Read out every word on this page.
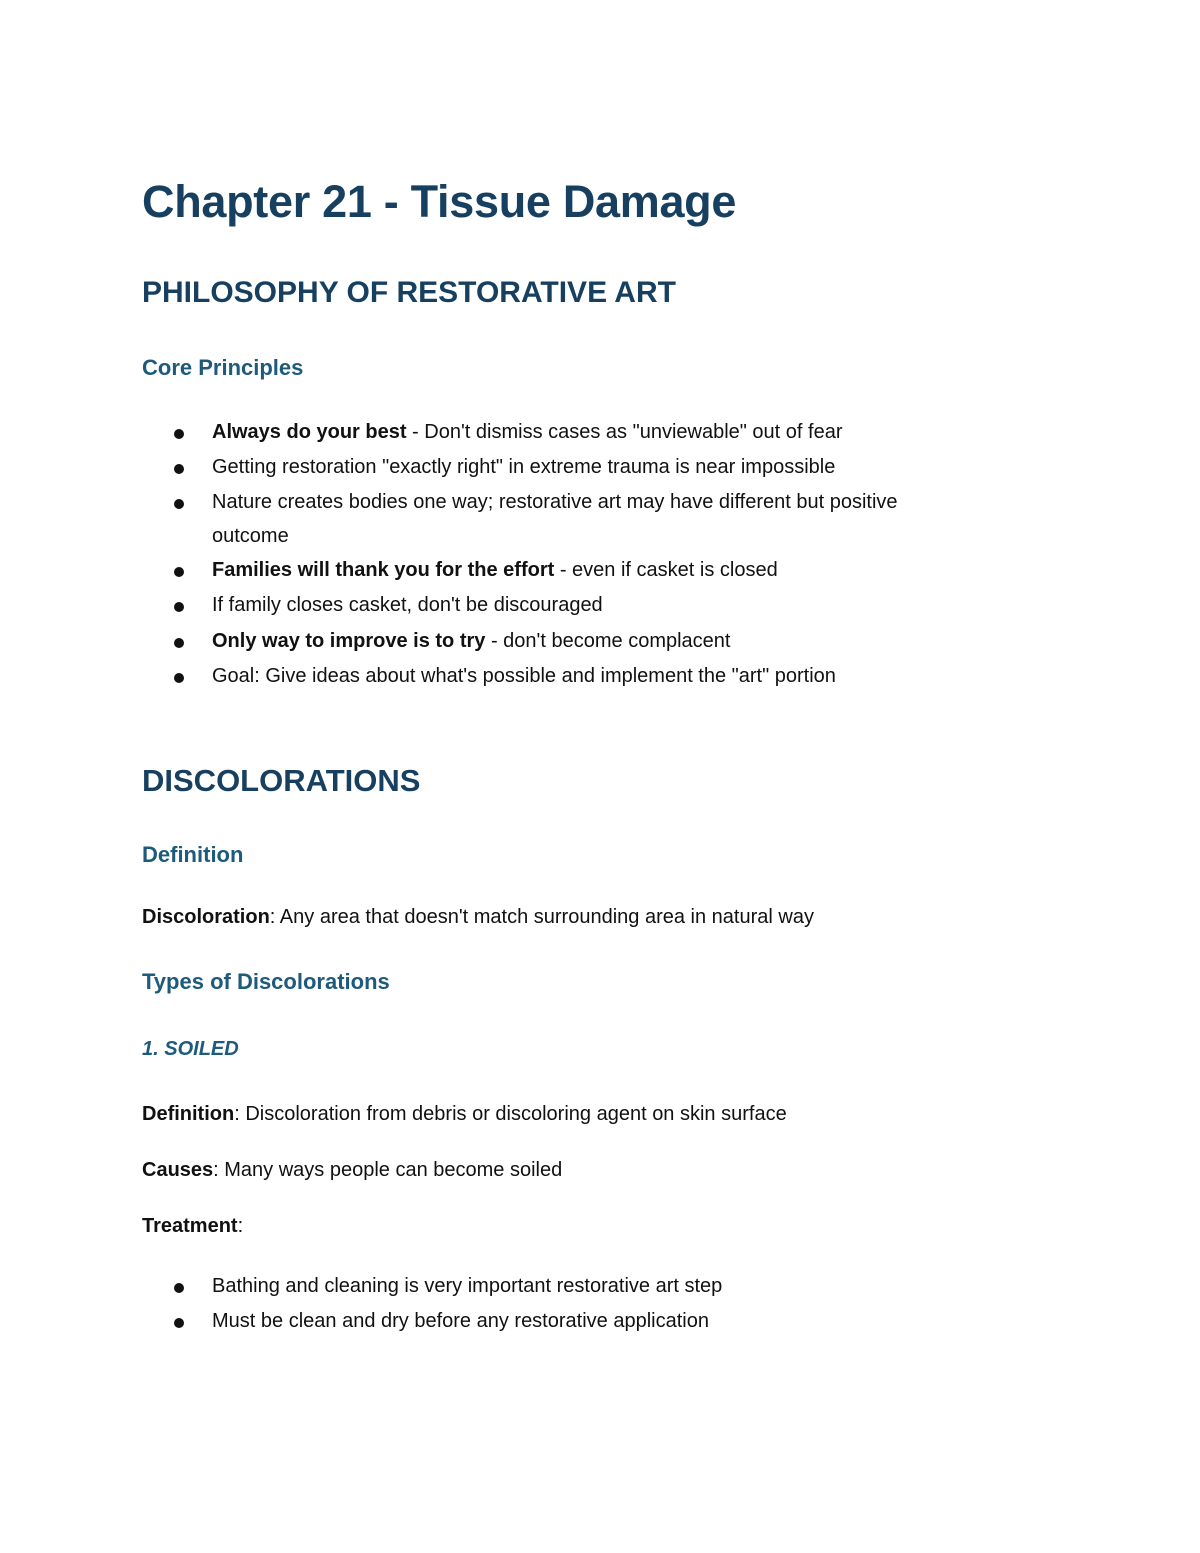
Chapter 21 - Tissue Damage
PHILOSOPHY OF RESTORATIVE ART
Core Principles

Always do your best - Don't dismiss cases as "unviewable" out of fear

Getting restoration "exactly right" in extreme trauma is near impossible

Nature creates bodies one way; restorative art may have different but positive

outcome

Families will thank you for the effort - even if casket is closed

If family closes casket, don't be discouraged

Only way to improve is to try - don't become complacent

Goal: Give ideas about what's possible and implement the "art" portion

DISCOLORATIONS
Definition

Discoloration: Any area that doesn't match surrounding area in natural way

Types of Discolorations
1. SOILED

Definition: Discoloration from debris or discoloring agent on skin surface

Causes: Many ways people can become soiled

Treatment:

Bathing and cleaning is very important restorative art step

Must be clean and dry before any restorative application
